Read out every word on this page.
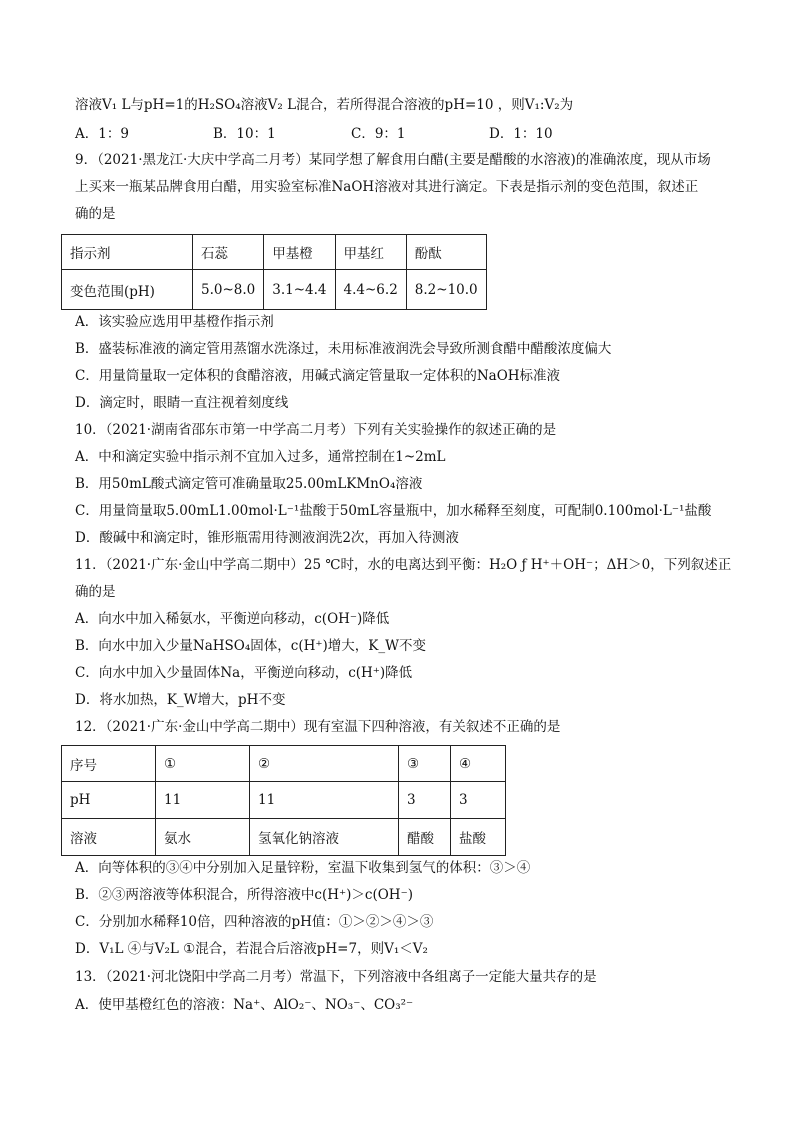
溶液V₁ L与pH=1的H₂SO₄溶液V₂ L混合，若所得混合溶液的pH=10 ，则V₁:V₂为
A．1：9	B．10：1	C．9：1	D．1：10
9．（2021·黑龙江·大庆中学高二月考）某同学想了解食用白醋(主要是醋酸的水溶液)的准确浓度，现从市场
上买来一瓶某品牌食用白醋，用实验室标准NaOH溶液对其进行滴定。下表是指示剂的变色范围，叙述正
确的是
指示剂	石蕊	甲基橙	甲基红	酚酞
变色范围(pH)	5.0~8.0	3.1~4.4	4.4~6.2	8.2~10.0
A．该实验应选用甲基橙作指示剂
B．盛装标准液的滴定管用蒸馏水洗涤过，未用标准液润洗会导致所测食醋中醋酸浓度偏大
C．用量筒量取一定体积的食醋溶液，用碱式滴定管量取一定体积的NaOH标准液
D．滴定时，眼睛一直注视着刻度线
10．（2021·湖南省邵东市第一中学高二月考）下列有关实验操作的叙述正确的是
A．中和滴定实验中指示剂不宜加入过多，通常控制在1~2mL
B．用50mL酸式滴定管可准确量取25.00mLKMnO₄溶液
C．用量筒量取5.00mL1.00mol·L⁻¹盐酸于50mL容量瓶中，加水稀释至刻度，可配制0.100mol·L⁻¹盐酸
D．酸碱中和滴定时，锥形瓶需用待测液润洗2次，再加入待测液
11．（2021·广东·金山中学高二期中）25 ℃时，水的电离达到平衡：H₂O ƒ H⁺＋OH⁻；ΔH＞0，下列叙述正
确的是
A．向水中加入稀氨水，平衡逆向移动，c(OH⁻)降低
B．向水中加入少量NaHSO₄固体，c(H⁺)增大，K_W不变
C．向水中加入少量固体Na，平衡逆向移动，c(H⁺)降低
D．将水加热，K_W增大，pH不变
12．（2021·广东·金山中学高二期中）现有室温下四种溶液，有关叙述不正确的是
序号	①	②	③	④
pH	11	11	3	3
溶液	氨水	氢氧化钠溶液	醋酸	盐酸
A．向等体积的③④中分别加入足量锌粉，室温下收集到氢气的体积：③＞④
B．②③两溶液等体积混合，所得溶液中c(H⁺)＞c(OH⁻)
C．分别加水稀释10倍，四种溶液的pH值：①＞②＞④＞③
D．V₁L ④与V₂L ①混合，若混合后溶液pH=7，则V₁＜V₂
13．（2021·河北饶阳中学高二月考）常温下，下列溶液中各组离子一定能大量共存的是
A．使甲基橙红色的溶液：Na⁺、AlO₂⁻、NO₃⁻、CO₃²⁻
